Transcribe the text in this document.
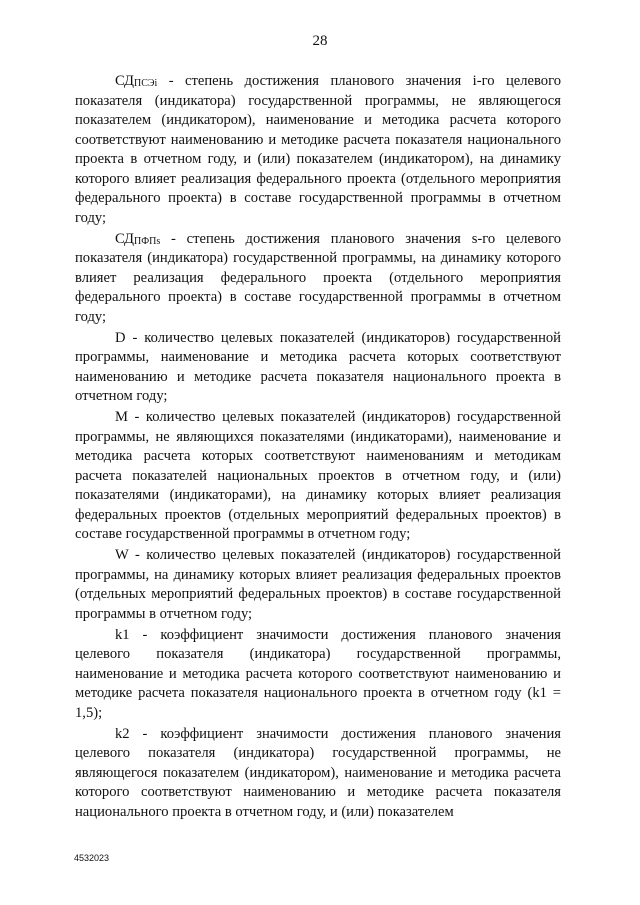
28

$СД_{ПСЭi}$ - степень достижения планового значения i-го целевого показателя (индикатора) государственной программы, не являющегося показателем (индикатором), наименование и методика расчета которого соответствуют наименованию и методике расчета показателя национального проекта в отчетном году, и (или) показателем (индикатором), на динамику которого влияет реализация федерального проекта (отдельного мероприятия федерального проекта) в составе государственной программы в отчетном году;

$СД_{ПФПs}$ - степень достижения планового значения s-го целевого показателя (индикатора) государственной программы, на динамику которого влияет реализация федерального проекта (отдельного мероприятия федерального проекта) в составе государственной программы в отчетном году;

D - количество целевых показателей (индикаторов) государственной программы, наименование и методика расчета которых соответствуют наименованию и методике расчета показателя национального проекта в отчетном году;

M - количество целевых показателей (индикаторов) государственной программы, не являющихся показателями (индикаторами), наименование и методика расчета которых соответствуют наименованиям и методикам расчета показателей национальных проектов в отчетном году, и (или) показателями (индикаторами), на динамику которых влияет реализация федеральных проектов (отдельных мероприятий федеральных проектов) в составе государственной программы в отчетном году;

W - количество целевых показателей (индикаторов) государственной программы, на динамику которых влияет реализация федеральных проектов (отдельных мероприятий федеральных проектов) в составе государственной программы в отчетном году;

k1 - коэффициент значимости достижения планового значения целевого показателя (индикатора) государственной программы, наименование и методика расчета которого соответствуют наименованию и методике расчета показателя национального проекта в отчетном году (k1 = 1,5);

k2 - коэффициент значимости достижения планового значения целевого показателя (индикатора) государственной программы, не являющегося показателем (индикатором), наименование и методика расчета которого соответствуют наименованию и методике расчета показателя национального проекта в отчетном году, и (или) показателем

4532023
